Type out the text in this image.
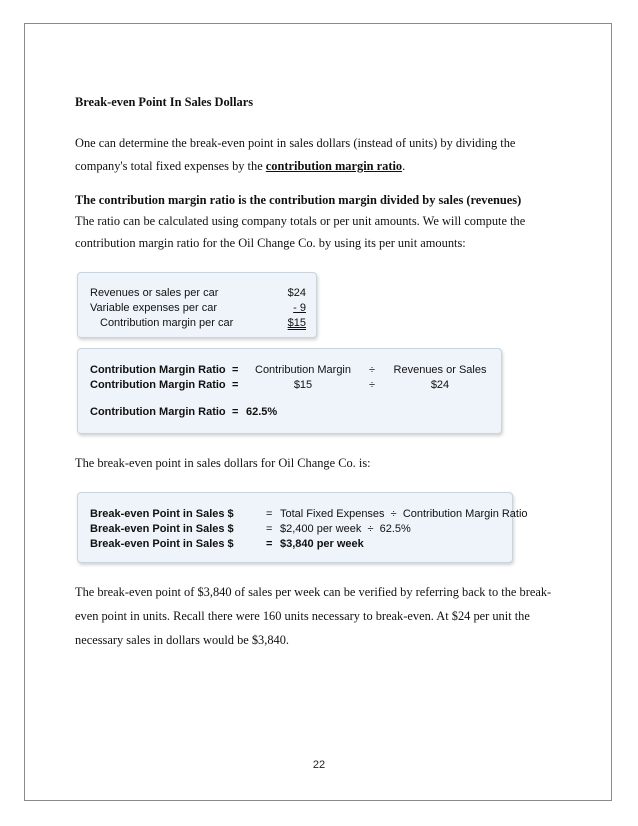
Break-even Point In Sales Dollars
One can determine the break-even point in sales dollars (instead of units) by dividing the
company's total fixed expenses by the contribution margin ratio.
The contribution margin ratio is the contribution margin divided by sales (revenues)
The ratio can be calculated using company totals or per unit amounts. We will compute the
contribution margin ratio for the Oil Change Co. by using its per unit amounts:
Revenues or sales per car	$24
Variable expenses per car	- 9
Contribution margin per car	$15
Contribution Margin Ratio =	Contribution Margin	÷	Revenues or Sales
Contribution Margin Ratio =	$15	÷	$24
Contribution Margin Ratio = 62.5%
The break-even point in sales dollars for Oil Change Co. is:
Break-even Point in Sales $	= Total Fixed Expenses  ÷  Contribution Margin Ratio
Break-even Point in Sales $	= $2,400 per week  ÷  62.5%
Break-even Point in Sales $	= $3,840 per week
The break-even point of $3,840 of sales per week can be verified by referring back to the break-
even point in units. Recall there were 160 units necessary to break-even. At $24 per unit the
necessary sales in dollars would be $3,840.
22
